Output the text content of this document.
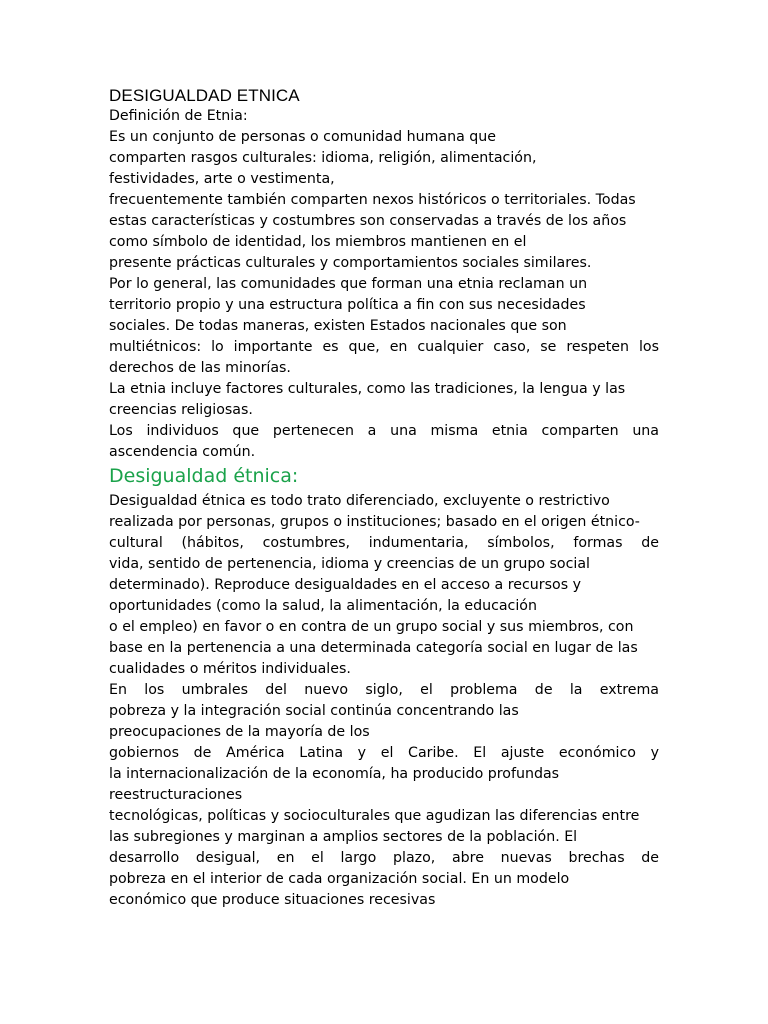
DESIGUALDAD ETNICA

Definición de Etnia:

Es un conjunto de personas o comunidad humana que
comparten rasgos culturales: idioma, religión, alimentación,
festividades, arte o vestimenta,
frecuentemente también comparten nexos históricos o territoriales. Todas
estas características y costumbres son conservadas a través de los años
como símbolo de identidad, los miembros mantienen en el
presente prácticas culturales y comportamientos sociales similares.

Por lo general, las comunidades que forman una etnia reclaman un
territorio propio y una estructura política a fin con sus necesidades
sociales. De todas maneras, existen Estados nacionales que son
multiétnicos: lo importante es que, en cualquier caso, se respeten los
derechos de las minorías.

La etnia incluye factores culturales, como las tradiciones, la lengua y las
creencias religiosas.

Los individuos que pertenecen a una misma etnia comparten una
ascendencia común.

Desigualdad étnica:

Desigualdad étnica es todo trato diferenciado, excluyente o restrictivo
realizada por personas, grupos o instituciones; basado en el origen étnico-
cultural (hábitos, costumbres, indumentaria, símbolos, formas de
vida, sentido de pertenencia, idioma y creencias de un grupo social
determinado). Reproduce desigualdades en el acceso a recursos y
oportunidades (como la salud, la alimentación, la educación
o el empleo) en favor o en contra de un grupo social y sus miembros, con
base en la pertenencia a una determinada categoría social en lugar de las
cualidades o méritos individuales.

En los umbrales del nuevo siglo, el problema de la extrema
pobreza y la integración social continúa concentrando las
preocupaciones de la mayoría de los
gobiernos de América Latina y el Caribe. El ajuste económico y
la internacionalización de la economía, ha producido profundas
reestructuraciones
tecnológicas, políticas y socioculturales que agudizan las diferencias entre
las subregiones y marginan a amplios sectores de la población. El
desarrollo desigual, en el largo plazo, abre nuevas brechas de
pobreza en el interior de cada organización social. En un modelo
económico que produce situaciones recesivas
